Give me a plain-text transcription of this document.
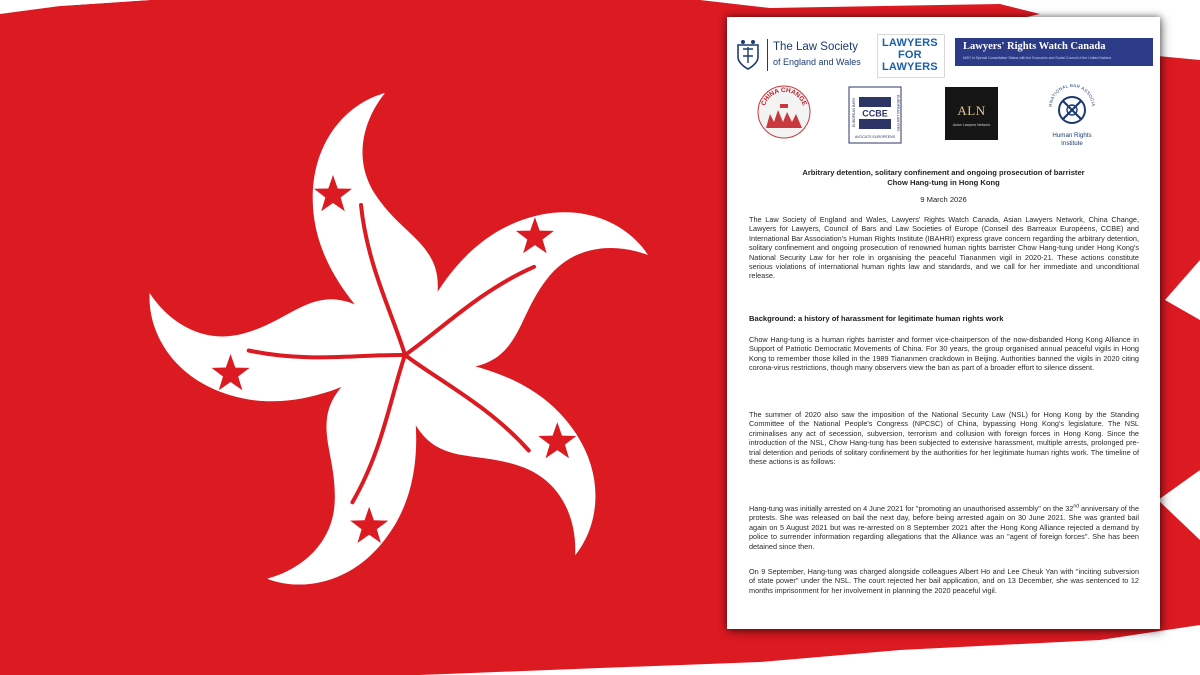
The Law Society
of England and Wales
LAWYERS
FOR
LAWYERS
Lawyers' Rights Watch Canada
NGO in Special Consultative Status with the Economic and Social Council of the United Nations
CHINA CHANGE
CCBE
AVOCATS EUROPÉENS
EUROPEAN BARS	EUROPEAN LAWYERS	ALN
Asian Lawyers Network
RNATIONAL BAR ASSOCIA
Human Rights
Institute
Arbitrary detention, solitary confinement and ongoing prosecution of barrister
Chow Hang-tung in Hong Kong
9 March 2026
The Law Society of England and Wales, Lawyers' Rights Watch Canada, Asian Lawyers Network, China Change, Lawyers for Lawyers, Council of Bars and Law Societies of Europe (Conseil des Barreaux Européens, CCBE) and International Bar Association's Human Rights Institute (IBAHRI) express grave concern regarding the arbitrary detention, solitary confinement and ongoing prosecution of renowned human rights barrister Chow Hang-tung under Hong Kong's National Security Law for her role in organising the peaceful Tiananmen vigil in 2020-21. These actions constitute serious violations of international human rights law and standards, and we call for her immediate and unconditional release.
Background: a history of harassment for legitimate human rights work
Chow Hang-tung is a human rights barrister and former vice-chairperson of the now-disbanded Hong Kong Alliance in Support of Patriotic Democratic Movements of China. For 30 years, the group organised annual peaceful vigils in Hong Kong to remember those killed in the 1989 Tiananmen crackdown in Beijing. Authorities banned the vigils in 2020 citing corona-virus restrictions, though many observers view the ban as part of a broader effort to silence dissent.
The summer of 2020 also saw the imposition of the National Security Law (NSL) for Hong Kong by the Standing Committee of the National People's Congress (NPCSC) of China, bypassing Hong Kong's legislature. The NSL criminalises any act of secession, subversion, terrorism and collusion with foreign forces in Hong Kong. Since the introduction of the NSL, Chow Hang-tung has been subjected to extensive harassment, multiple arrests, prolonged pre-trial detention and periods of solitary confinement by the authorities for her legitimate human rights work. The timeline of these actions is as follows:
Hang-tung was initially arrested on 4 June 2021 for "promoting an unauthorised assembly" on the 32nd anniversary of the protests. She was released on bail the next day, before being arrested again on 30 June 2021. She was granted bail again on 5 August 2021 but was re-arrested on 8 September 2021 after the Hong Kong Alliance rejected a demand by police to surrender information regarding allegations that the Alliance was an "agent of foreign forces". She has been detained since then.
On 9 September, Hang-tung was charged alongside colleagues Albert Ho and Lee Cheuk Yan with "inciting subversion of state power" under the NSL. The court rejected her bail application, and on 13 December, she was sentenced to 12 months imprisonment for her involvement in planning the 2020 peaceful vigil.
